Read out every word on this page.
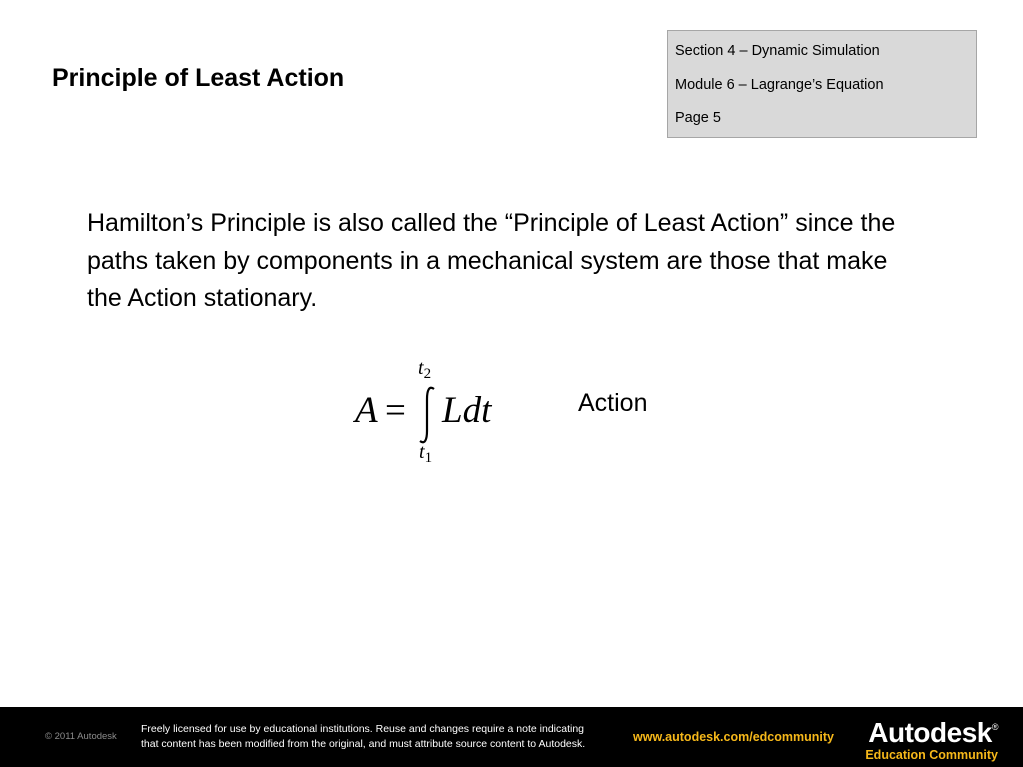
Principle of Least Action
Section 4 – Dynamic Simulation
Module 6 – Lagrange’s Equation
Page 5
Hamilton’s Principle is also called the “Principle of Least Action” since the paths taken by components in a mechanical system are those that make the Action stationary.
A =
$t_2$
$t_1$
Ldt	Action
© 2011 Autodesk
Freely licensed for use by educational institutions. Reuse and changes require a note indicating
that content has been modified from the original, and must attribute source content to Autodesk.	www.autodesk.com/edcommunity Autodesk®
Education Community
